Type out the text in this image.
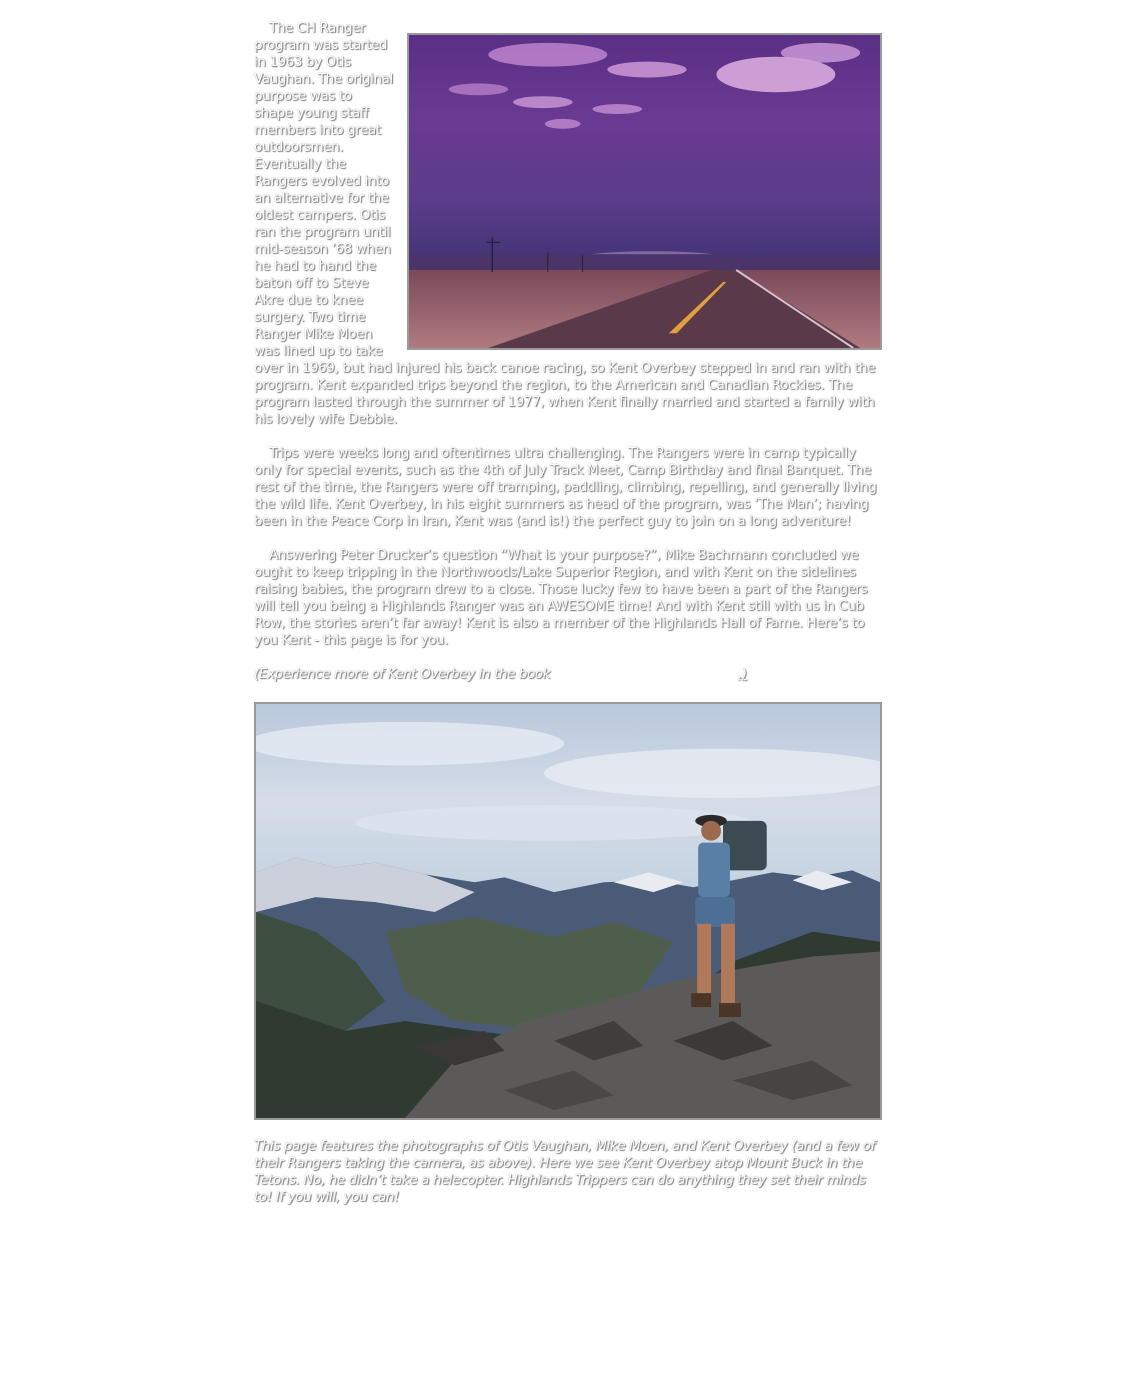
The CH Ranger program was started in 1963 by Otis Vaughan. The original purpose was to shape young staff members into great outdoorsmen. Eventually the Rangers evolved into an alternative for the oldest campers. Otis ran the program until mid-season ’68 when he had to hand the baton off to Steve Akre due to knee surgery. Two time Ranger Mike Moen was lined up to take over in 1969, but had injured his back canoe racing, so Kent Overbey stepped in and ran with the program. Kent expanded trips beyond the region, to the American and Canadian Rockies. The program lasted through the summer of 1977, when Kent finally married and started a family with his lovely wife Debbie.

Trips were weeks long and oftentimes ultra challenging. The Rangers were in camp typically only for special events, such as the 4th of July Track Meet, Camp Birthday and final Banquet. The rest of the time, the Rangers were off tramping, paddling, climbing, repelling, and generally living the wild life. Kent Overbey, in his eight summers as head of the program, was ‘The Man’; having been in the Peace Corp in Iran, Kent was (and is!) the perfect guy to join on a long adventure!

Answering Peter Drucker’s question “What is your purpose?”, Mike Bachmann concluded we ought to keep tripping in the Northwoods/Lake Superior Region, and with Kent on the sidelines raising babies, the program drew to a close. Those lucky few to have been a part of the Rangers will tell you being a Highlands Ranger was an AWESOME time! And with Kent still with us in Cub Row, the stories aren’t far away! Kent is also a member of the Highlands Hall of Fame. Here’s to you Kent - this page is for you.

(Experience more of Kent Overbey in the book	.)
This page features the photographs of Otis Vaughan, Mike Moen, and Kent Overbey (and a few of their Rangers taking the camera, as above). Here we see Kent Overbey atop Mount Buck in the Tetons. No, he didn’t take a helecopter. Highlands Trippers can do anything they set their minds to! If you will, you can!
